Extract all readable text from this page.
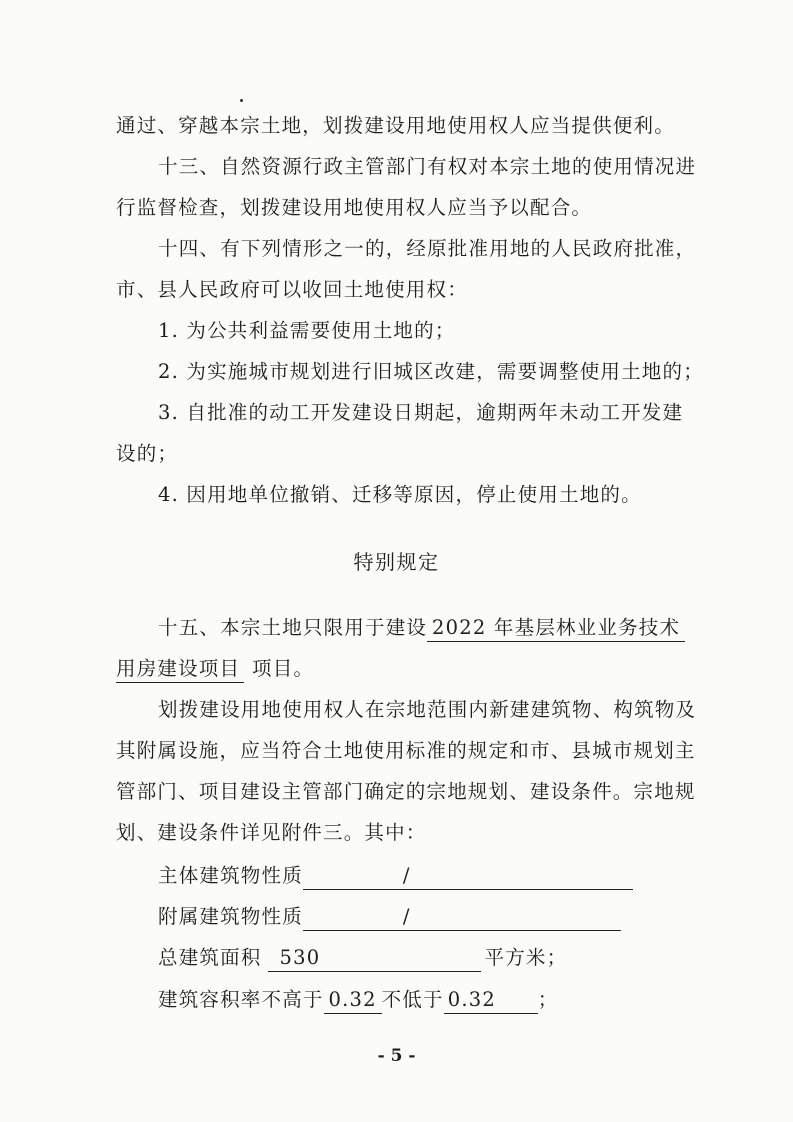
通过、穿越本宗土地，划拨建设用地使用权人应当提供便利。
十三、自然资源行政主管部门有权对本宗土地的使用情况进
行监督检查，划拨建设用地使用权人应当予以配合。
十四、有下列情形之一的，经原批准用地的人民政府批准，
市、县人民政府可以收回土地使用权：
1. 为公共利益需要使用土地的；
2. 为实施城市规划进行旧城区改建，需要调整使用土地的；
3. 自批准的动工开发建设日期起，逾期两年未动工开发建
设的；
4. 因用地单位撤销、迁移等原因，停止使用土地的。
特别规定
十五、本宗土地只限用于建设 2022 年基层林业业务技术
用房建设项目 项目。
划拨建设用地使用权人在宗地范围内新建建筑物、构筑物及
其附属设施，应当符合土地使用标准的规定和市、县城市规划主
管部门、项目建设主管部门确定的宗地规划、建设条件。宗地规
划、建设条件详见附件三。其中：
主体建筑物性质	/
附属建筑物性质	/
总建筑面积 530	平方米；
建筑容积率不高于 0.32 不低于 0.32 ；
- 5 -
